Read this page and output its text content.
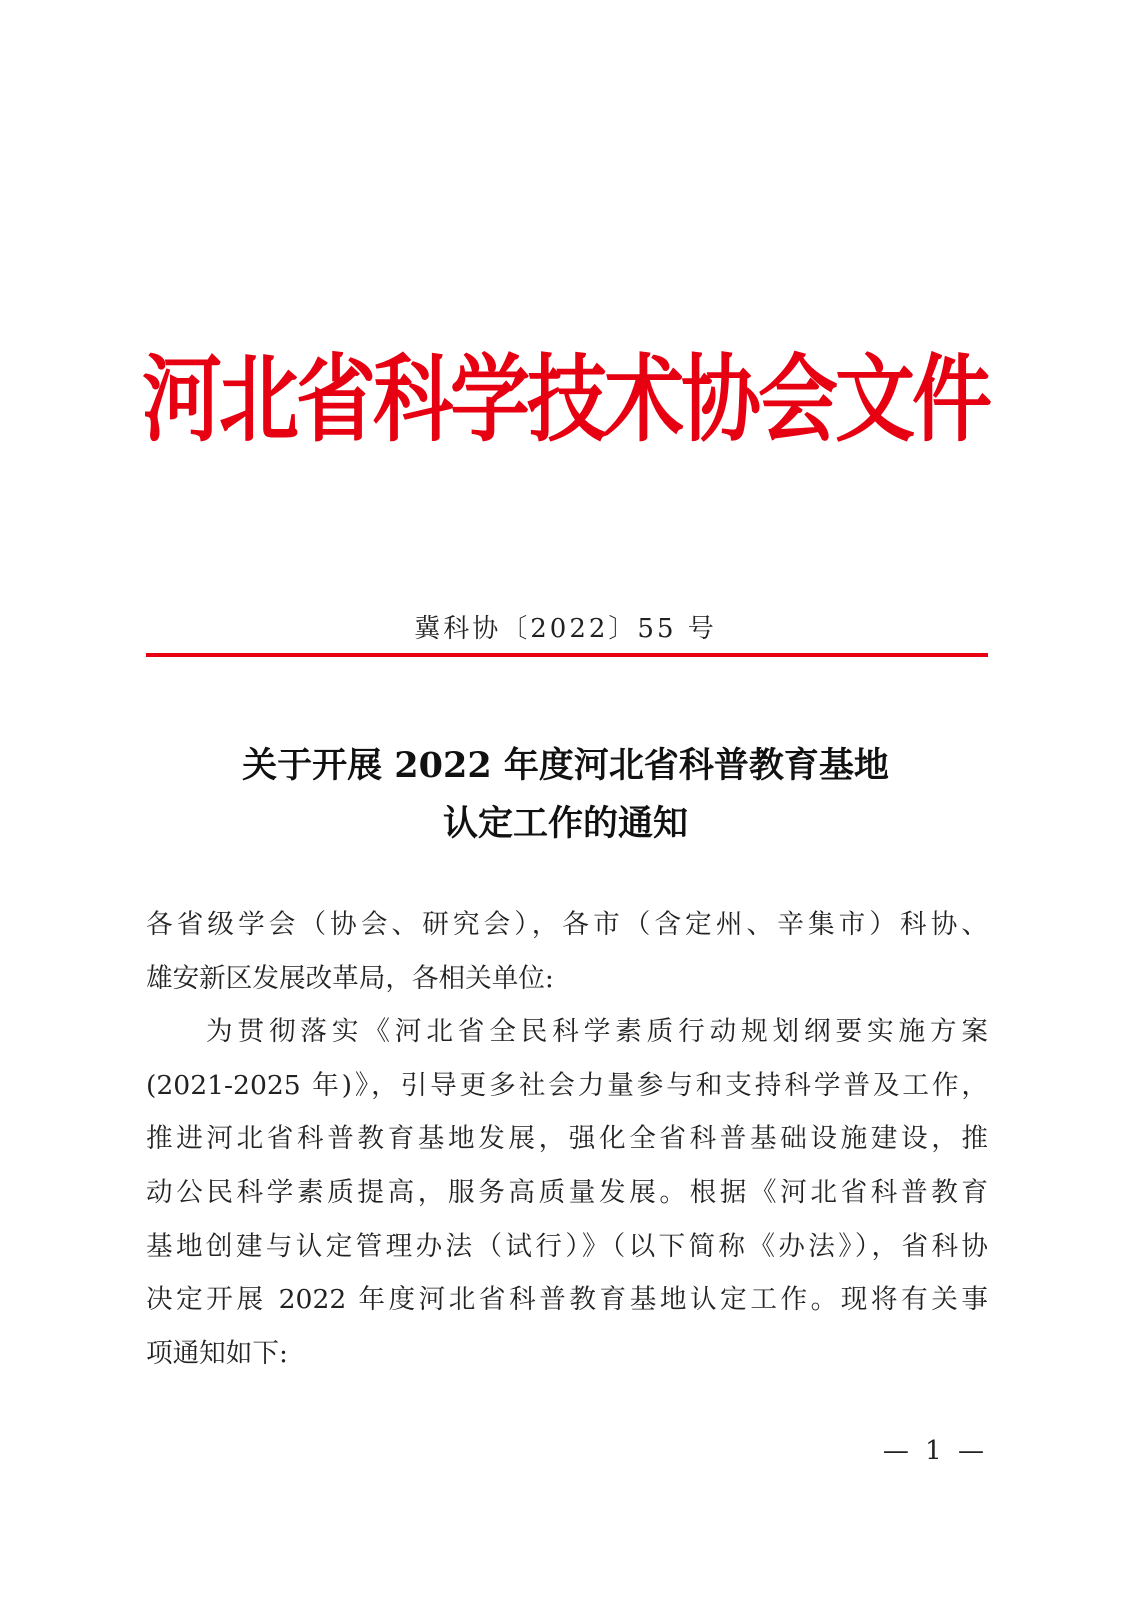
河北省科学技术协会文件
冀科协〔2022〕55 号
关于开展 2022 年度河北省科普教育基地
认定工作的通知
各省级学会（协会、研究会），各市（含定州、辛集市）科协、
雄安新区发展改革局，各相关单位:
为贯彻落实《河北省全民科学素质行动规划纲要实施方案
(2021-2025 年)》，引导更多社会力量参与和支持科学普及工作，
推进河北省科普教育基地发展，强化全省科普基础设施建设，推
动公民科学素质提高，服务高质量发展。根据《河北省科普教育
基地创建与认定管理办法（试行）》（以下简称《办法》），省科协
决定开展 2022 年度河北省科普教育基地认定工作。现将有关事
项通知如下:
— 1 —
